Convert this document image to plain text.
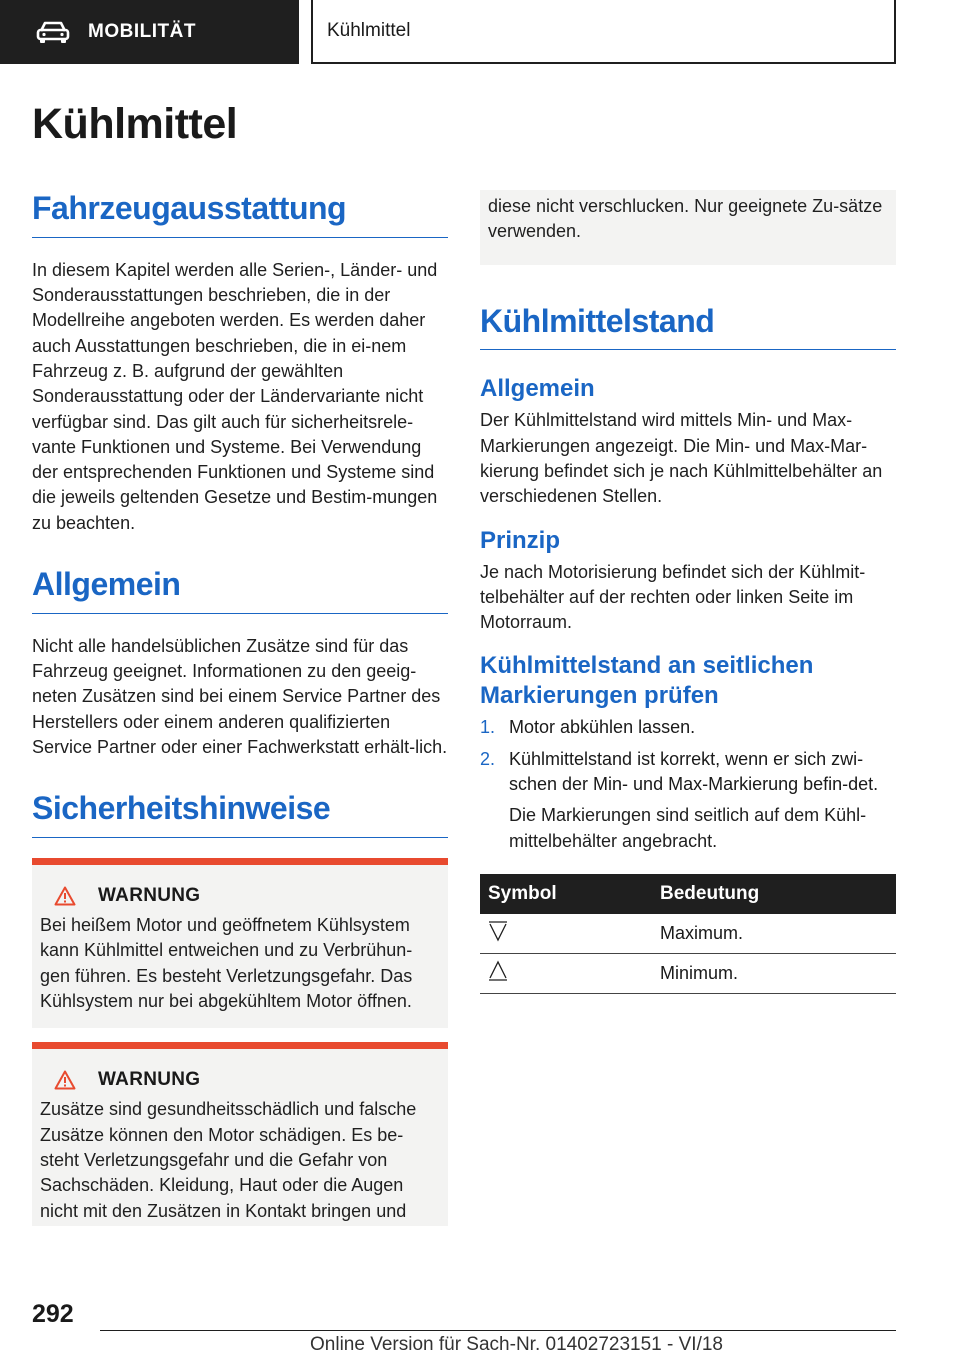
MOBILITÄT	Kühlmittel
Kühlmittel
Fahrzeugausstattung

In diesem Kapitel werden alle Serien-, Länder- und Sonderausstattungen beschrieben, die in der Modellreihe angeboten werden. Es werden daher auch Ausstattungen beschrieben, die in ei-nem Fahrzeug z. B. aufgrund der gewählten Sonderausstattung oder der Ländervariante nicht verfügbar sind. Das gilt auch für sicherheitsrele-vante Funktionen und Systeme. Bei Verwendung der entsprechenden Funktionen und Systeme sind die jeweils geltenden Gesetze und Bestim-mungen zu beachten.

Allgemein

Nicht alle handelsüblichen Zusätze sind für das Fahrzeug geeignet. Informationen zu den geeig-neten Zusätzen sind bei einem Service Partner des Herstellers oder einem anderen qualifizierten Service Partner oder einer Fachwerkstatt erhält-lich.

Sicherheitshinweise
WARNUNG

Bei heißem Motor und geöffnetem Kühlsystem kann Kühlmittel entweichen und zu Verbrühun-gen führen. Es besteht Verletzungsgefahr. Das Kühlsystem nur bei abgekühltem Motor öffnen.

WARNUNG

Zusätze sind gesundheitsschädlich und falsche Zusätze können den Motor schädigen. Es be-steht Verletzungsgefahr und die Gefahr von Sachschäden. Kleidung, Haut oder die Augen nicht mit den Zusätzen in Kontakt bringen und

diese nicht verschlucken. Nur geeignete Zu-sätze verwenden.

Kühlmittelstand
Allgemein

Der Kühlmittelstand wird mittels Min- und Max-Markierungen angezeigt. Die Min- und Max-Mar-kierung befindet sich je nach Kühlmittelbehälter an verschiedenen Stellen.

Prinzip

Je nach Motorisierung befindet sich der Kühlmit-telbehälter auf der rechten oder linken Seite im Motorraum.

Kühlmittelstand an seitlichen Markierungen prüfen
1. Motor abkühlen lassen.
2. Kühlmittelstand ist korrekt, wenn er sich zwi-schen der Min- und Max-Markierung befin-det.

Die Markierungen sind seitlich auf dem Kühl-mittelbehälter angebracht.

Symbol	Bedeutung
	Maximum.
	Minimum.
292
Online Version für Sach-Nr. 01402723151 - VI/18
